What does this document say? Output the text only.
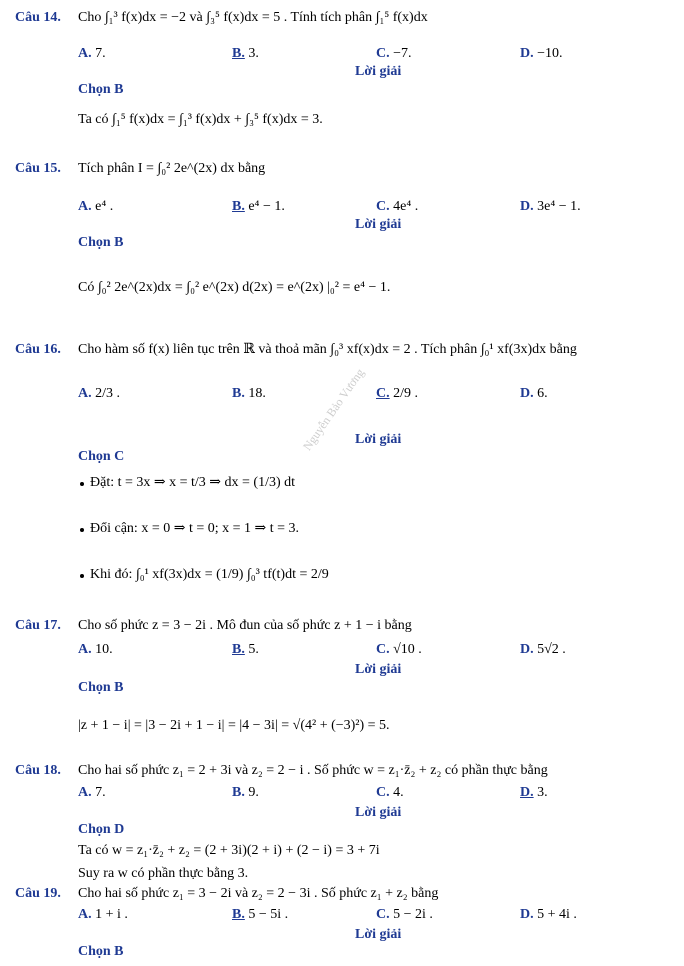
Câu 14. Cho ∫₁³ f(x)dx = −2 và ∫₃⁵ f(x)dx = 5 . Tính tích phân ∫₁⁵ f(x)dx
A. 7.	B. 3.	C. −7.	D. −10.
Lời giải
Chọn B
Ta có ∫₁⁵ f(x)dx = ∫₁³ f(x)dx + ∫₃⁵ f(x)dx = 3.
Câu 15. Tích phân I = ∫₀² 2e^(2x) dx bằng
A. e⁴ .	B. e⁴ − 1.	C. 4e⁴ .	D. 3e⁴ − 1.
Lời giải
Chọn B
Có ∫₀² 2e^(2x)dx = ∫₀² e^(2x) d(2x) = e^(2x) |₀² = e⁴ − 1.
Câu 16. Cho hàm số f(x) liên tục trên ℝ và thoả mãn ∫₀³ xf(x)dx = 2 . Tích phân ∫₀¹ xf(3x)dx bằng
A. 2/3 .	B. 18.	C. 2/9 .	D. 6.
Lời giải
Chọn C
Đặt: t = 3x ⇒ x = t/3 ⇒ dx = (1/3) dt
Đổi cận: x = 0 ⇒ t = 0; x = 1 ⇒ t = 3.
Khi đó: ∫₀¹ xf(3x)dx = (1/9) ∫₀³ tf(t)dt = 2/9
Câu 17. Cho số phức z = 3 − 2i . Mô đun của số phức z + 1 − i bằng
A. 10.	B. 5.	C. √10 .	D. 5√2 .
Lời giải
Chọn B
|z + 1 − i| = |3 − 2i + 1 − i| = |4 − 3i| = √(4² + (−3)²) = 5.
Câu 18. Cho hai số phức z₁ = 2 + 3i và z₂ = 2 − i . Số phức w = z₁·z̄₂ + z₂ có phần thực bằng
A. 7.	B. 9.	C. 4.	D. 3.
Lời giải
Chọn D
Ta có w = z₁·z̄₂ + z₂ = (2 + 3i)(2 + i) + (2 − i) = 3 + 7i
Suy ra w có phần thực bằng 3.
Câu 19. Cho hai số phức z₁ = 3 − 2i và z₂ = 2 − 3i . Số phức z₁ + z₂ bằng
A. 1 + i .	B. 5 − 5i .	C. 5 − 2i .	D. 5 + 4i .
Lời giải
Chọn B
Nguyễn Bảo Vương
